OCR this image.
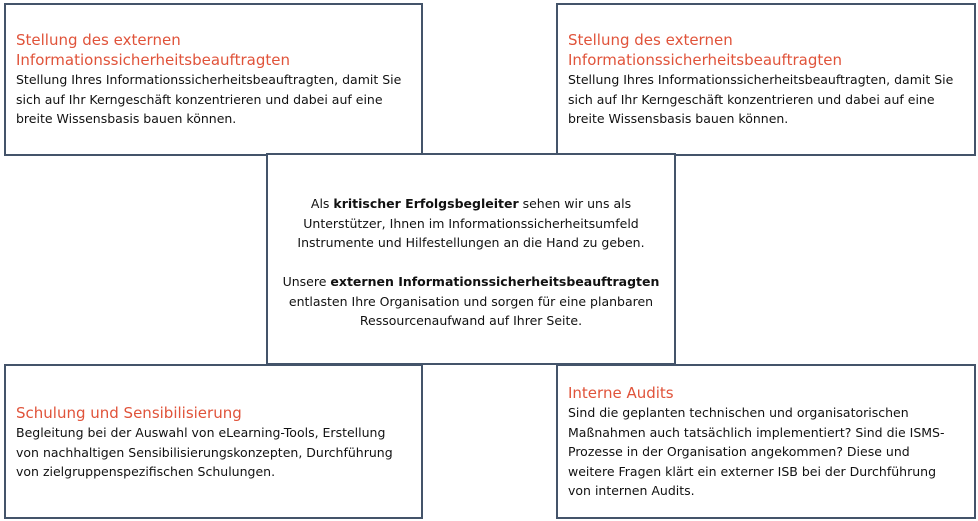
Stellung des externen
Informationssicherheitsbeauftragten
Stellung Ihres Informationssicherheitsbeauftragten, damit Sie
sich auf Ihr Kerngeschäft konzentrieren und dabei auf eine
breite Wissensbasis bauen können.
Stellung des externen
Informationssicherheitsbeauftragten
Stellung Ihres Informationssicherheitsbeauftragten, damit Sie
sich auf Ihr Kerngeschäft konzentrieren und dabei auf eine
breite Wissensbasis bauen können.
Schulung und Sensibilisierung
Begleitung bei der Auswahl von eLearning-Tools, Erstellung
von nachhaltigen Sensibilisierungskonzepten, Durchführung
von zielgruppenspezifischen Schulungen.
Interne Audits
Sind die geplanten technischen und organisatorischen
Maßnahmen auch tatsächlich implementiert? Sind die ISMS-
Prozesse in der Organisation angekommen? Diese und
weitere Fragen klärt ein externer ISB bei der Durchführung
von internen Audits.

Als kritischer Erfolgsbegleiter sehen wir uns als

Unterstützer, Ihnen im Informationssicherheitsumfeld

Instrumente und Hilfestellungen an die Hand zu geben.

Unsere externen Informationssicherheitsbeauftragten

entlasten Ihre Organisation und sorgen für eine planbaren

Ressourcenaufwand auf Ihrer Seite.
